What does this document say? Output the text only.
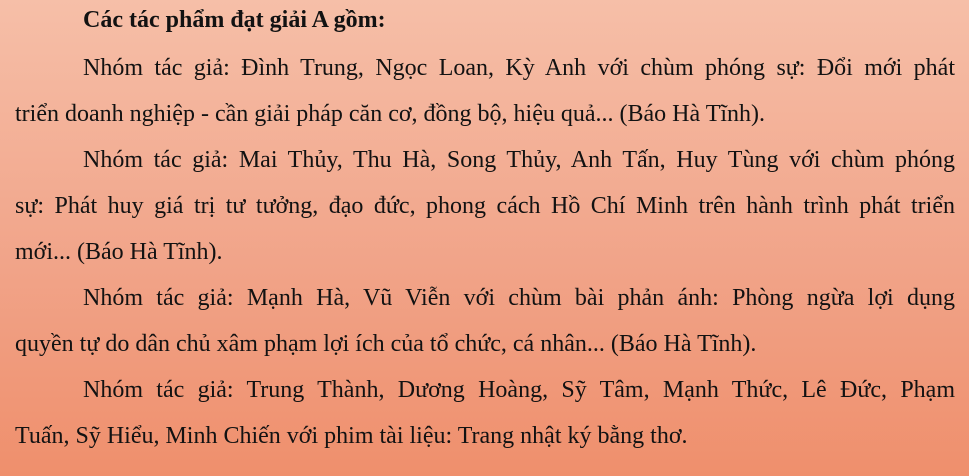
Các tác phẩm đạt giải A gồm:
Nhóm tác giả: Đình Trung, Ngọc Loan, Kỳ Anh với chùm phóng sự: Đổi mới phát
triển doanh nghiệp - cần giải pháp căn cơ, đồng bộ, hiệu quả... (Báo Hà Tĩnh).
Nhóm tác giả: Mai Thủy, Thu Hà, Song Thủy, Anh Tấn, Huy Tùng với chùm phóng
sự: Phát huy giá trị tư tưởng, đạo đức, phong cách Hồ Chí Minh trên hành trình phát triển
mới... (Báo Hà Tĩnh).
Nhóm tác giả: Mạnh Hà, Vũ Viễn với chùm bài phản ánh: Phòng ngừa lợi dụng
quyền tự do dân chủ xâm phạm lợi ích của tổ chức, cá nhân... (Báo Hà Tĩnh).
Nhóm tác giả: Trung Thành, Dương Hoàng, Sỹ Tâm, Mạnh Thức, Lê Đức, Phạm
Tuấn, Sỹ Hiểu, Minh Chiến với phim tài liệu: Trang nhật ký bằng thơ.
